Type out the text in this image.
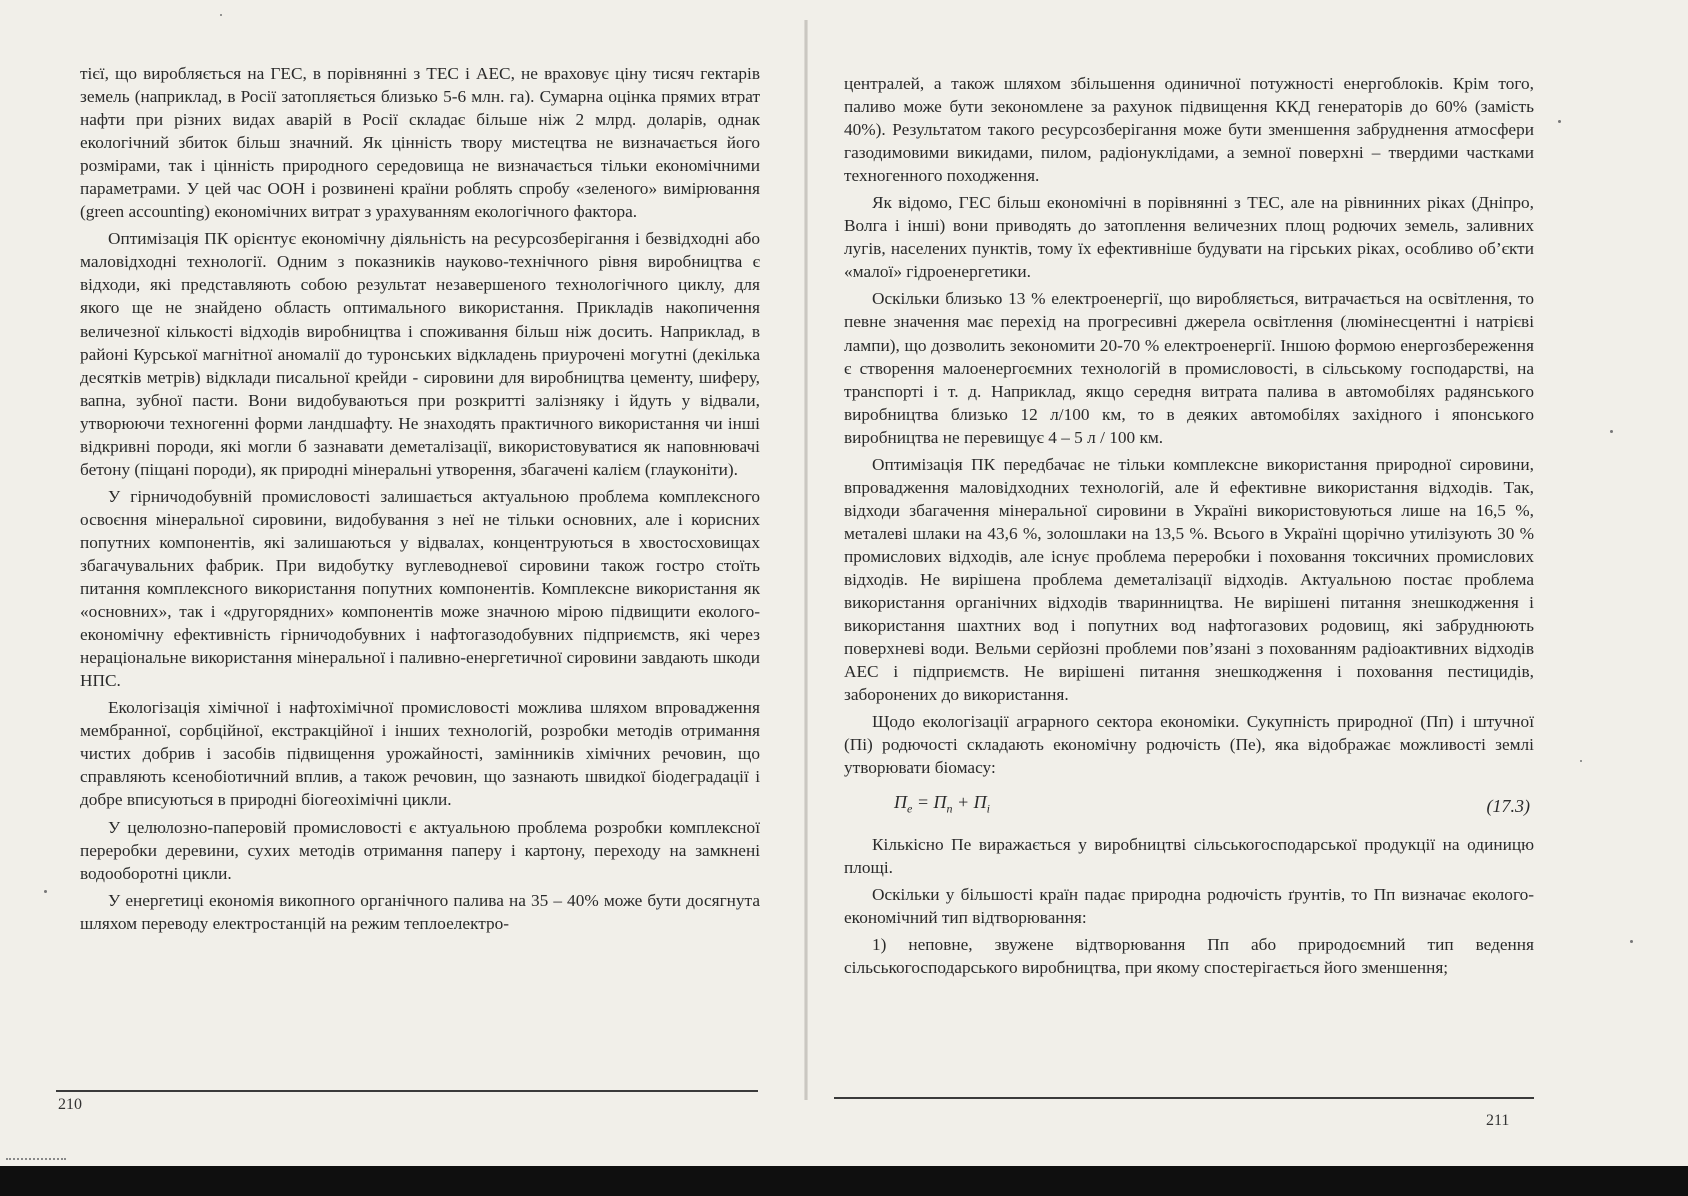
тієї, що виробляється на ГЕС, в порівнянні з ТЕС і АЕС, не враховує ціну тисяч гектарів земель (наприклад, в Росії затопляється близько 5-6 млн. га). Сумарна оцінка прямих втрат нафти при різних видах аварій в Росії складає більше ніж 2 млрд. доларів, однак екологічний збиток більш значний. Як цінність твору мистецтва не визначається його розмірами, так і цінність природного середовища не визначається тільки економічними параметрами. У цей час ООН і розвинені країни роблять спробу «зеленого» вимірювання (green accounting) економічних витрат з урахуванням екологічного фактора.

Оптимізація ПК орієнтує економічну діяльність на ресурсозберігання і безвідходні або маловідходні технології. Одним з показників науково-технічного рівня виробництва є відходи, які представляють собою результат незавершеного технологічного циклу, для якого ще не знайдено область оптимального використання. Прикладів накопичення величезної кількості відходів виробництва і споживання більш ніж досить. Наприклад, в районі Курської магнітної аномалії до туронських відкладень приурочені могутні (декілька десятків метрів) відклади писальної крейди - сировини для виробництва цементу, шиферу, вапна, зубної пасти. Вони видобуваються при розкритті залізняку і йдуть у відвали, утворюючи техногенні форми ландшафту. Не знаходять практичного використання чи інші відкривні породи, які могли б зазнавати деметалізації, використовуватися як наповнювачі бетону (піщані породи), як природні мінеральні утворення, збагачені калієм (глауконіти).

У гірничодобувній промисловості залишається актуальною проблема комплексного освоєння мінеральної сировини, видобування з неї не тільки основних, але і корисних попутних компонентів, які залишаються у відвалах, концентруються в хвостосховищах збагачувальних фабрик. При видобутку вуглеводневої сировини також гостро стоїть питання комплексного використання попутних компонентів. Комплексне використання як «основних», так і «другорядних» компонентів може значною мірою підвищити еколого-економічну ефективність гірничодобувних і нафтогазодобувних підприємств, які через нераціональне використання мінеральної і паливно-енергетичної сировини завдають шкоди НПС.

Екологізація хімічної і нафтохімічної промисловості можлива шляхом впровадження мембранної, сорбційної, екстракційної і інших технологій, розробки методів отримання чистих добрив і засобів підвищення урожайності, замінників хімічних речовин, що справляють ксенобіотичний вплив, а також речовин, що зазнають швидкої біодеградації і добре вписуються в природні біогеохімічні цикли.

У целюлозно-паперовій промисловості є актуальною проблема розробки комплексної переробки деревини, сухих методів отримання паперу і картону, переходу на замкнені водооборотні цикли.

У енергетиці економія викопного органічного палива на 35 – 40% може бути досягнута шляхом переводу електростанцій на режим теплоелектро-

210

централей, а також шляхом збільшення одиничної потужності енергоблоків. Крім того, паливо може бути зекономлене за рахунок підвищення ККД генераторів до 60% (замість 40%). Результатом такого ресурсозберігання може бути зменшення забруднення атмосфери газодимовими викидами, пилом, радіонуклідами, а земної поверхні – твердими частками техногенного походження.

Як відомо, ГЕС більш економічні в порівнянні з ТЕС, але на рівнинних ріках (Дніпро, Волга і інші) вони приводять до затоплення величезних площ родючих земель, заливних лугів, населених пунктів, тому їх ефективніше будувати на гірських ріках, особливо об’єкти «малої» гідроенергетики.

Оскільки близько 13 % електроенергії, що виробляється, витрачається на освітлення, то певне значення має перехід на прогресивні джерела освітлення (люмінесцентні і натрієві лампи), що дозволить зекономити 20-70 % електроенергії. Іншою формою енергозбереження є створення малоенергоємних технологій в промисловості, в сільському господарстві, на транспорті і т. д. Наприклад, якщо середня витрата палива в автомобілях радянського виробництва близько 12 л/100 км, то в деяких автомобілях західного і японського виробництва не перевищує 4 – 5 л / 100 км.

Оптимізація ПК передбачає не тільки комплексне використання природної сировини, впровадження маловідходних технологій, але й ефективне використання відходів. Так, відходи збагачення мінеральної сировини в Україні використовуються лише на 16,5 %, металеві шлаки на 43,6 %, золошлаки на 13,5 %. Всього в Україні щорічно утилізують 30 % промислових відходів, але існує проблема переробки і поховання токсичних промислових відходів. Не вирішена проблема деметалізації відходів. Актуальною постає проблема використання органічних відходів тваринництва. Не вирішені питання знешкодження і використання шахтних вод і попутних вод нафтогазових родовищ, які забруднюють поверхневі води. Вельми серйозні проблеми пов’язані з похованням радіоактивних відходів АЕС і підприємств. Не вирішені питання знешкодження і поховання пестицидів, заборонених до використання.

Щодо екологізації аграрного сектора економіки. Сукупність природної (Пп) і штучної (Пі) родючості складають економічну родючість (Пе), яка відображає можливості землі утворювати біомасу:

$П_е = П_п + П_і$	(17.3)

Кількісно Пе виражається у виробництві сільськогосподарської продукції на одиницю площі.

Оскільки у більшості країн падає природна родючість ґрунтів, то Пп визначає еколого-економічний тип відтворювання:

1) неповне, звужене відтворювання Пп або природоємний тип ведення сільськогосподарського виробництва, при якому спостерігається його зменшення;

211
